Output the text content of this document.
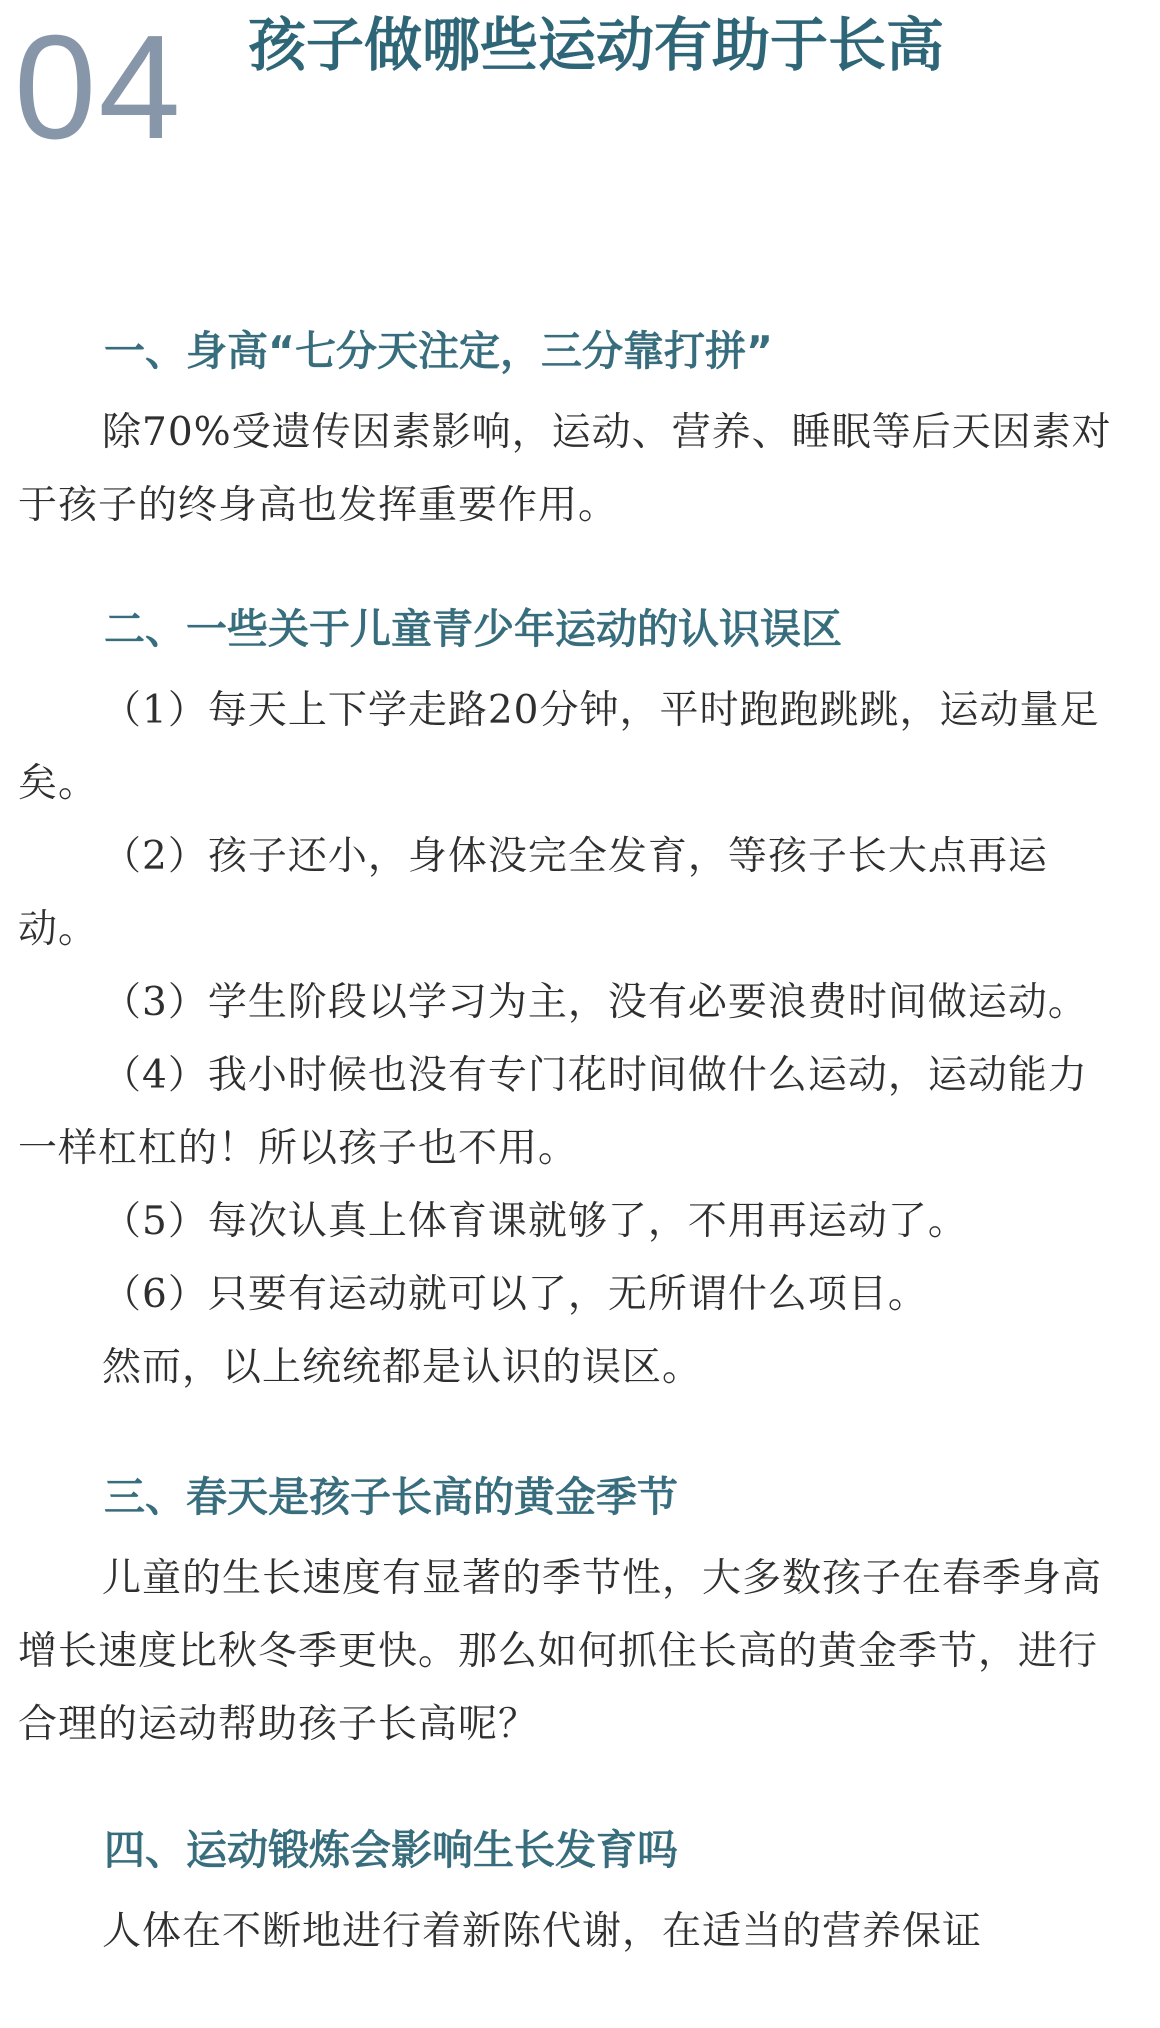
04 孩子做哪些运动有助于长高
一、身高“七分天注定，三分靠打拼”

除70%受遗传因素影响，运动、营养、睡眠等后天因素对于孩子的终身高也发挥重要作用。

二、一些关于儿童青少年运动的认识误区

（1）每天上下学走路20分钟，平时跑跑跳跳，运动量足矣。

（2）孩子还小，身体没完全发育，等孩子长大点再运动。

（3）学生阶段以学习为主，没有必要浪费时间做运动。

（4）我小时候也没有专门花时间做什么运动，运动能力一样杠杠的！所以孩子也不用。

（5）每次认真上体育课就够了，不用再运动了。

（6）只要有运动就可以了，无所谓什么项目。

然而，以上统统都是认识的误区。

三、春天是孩子长高的黄金季节

儿童的生长速度有显著的季节性，大多数孩子在春季身高增长速度比秋冬季更快。那么如何抓住长高的黄金季节，进行合理的运动帮助孩子长高呢？

四、运动锻炼会影响生长发育吗

人体在不断地进行着新陈代谢，在适当的营养保证
